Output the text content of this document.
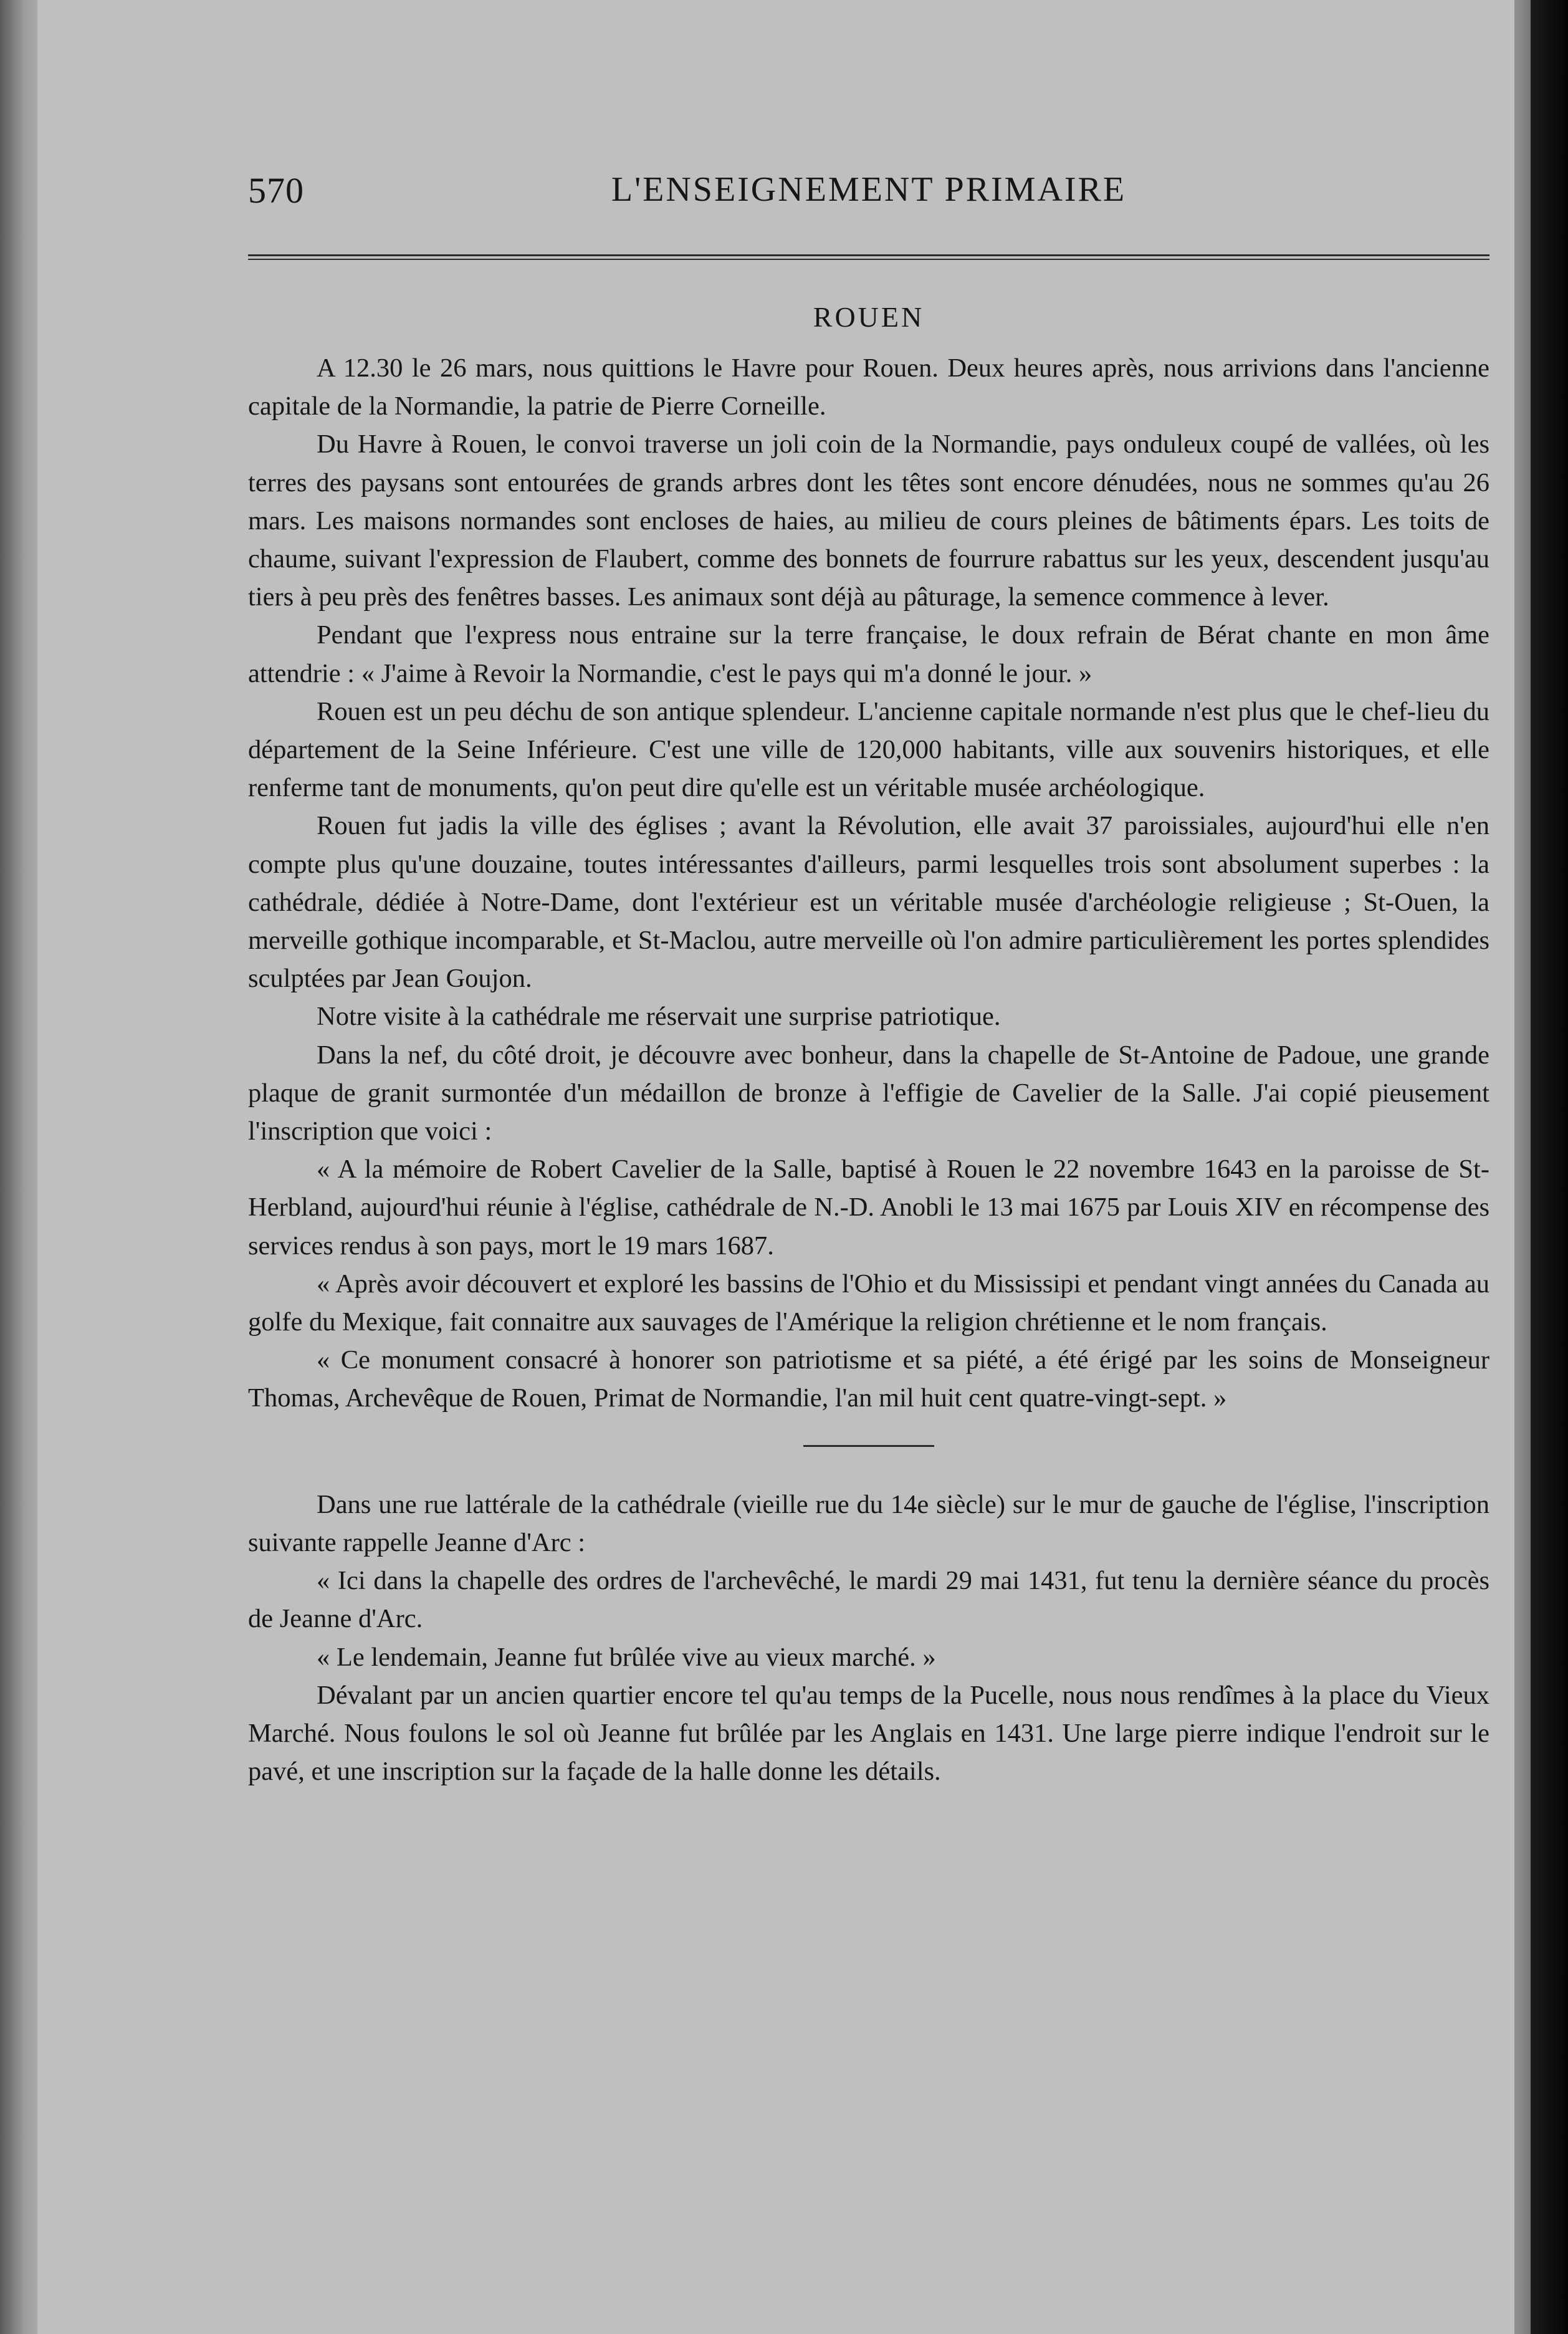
570	L'ENSEIGNEMENT PRIMAIRE
ROUEN

A 12.30 le 26 mars, nous quittions le Havre pour Rouen. Deux heures après, nous arrivions dans l'ancienne capitale de la Normandie, la patrie de Pierre Corneille.

Du Havre à Rouen, le convoi traverse un joli coin de la Normandie, pays onduleux coupé de vallées, où les terres des paysans sont entourées de grands arbres dont les têtes sont encore dénudées, nous ne sommes qu'au 26 mars. Les maisons normandes sont encloses de haies, au milieu de cours pleines de bâtiments épars. Les toits de chaume, suivant l'expression de Flaubert, comme des bonnets de fourrure rabattus sur les yeux, descendent jusqu'au tiers à peu près des fenêtres basses. Les animaux sont déjà au pâturage, la semence commence à lever.

Pendant que l'express nous entraine sur la terre française, le doux refrain de Bérat chante en mon âme attendrie : « J'aime à Revoir la Normandie, c'est le pays qui m'a donné le jour. »

Rouen est un peu déchu de son antique splendeur. L'ancienne capitale normande n'est plus que le chef-lieu du département de la Seine Inférieure. C'est une ville de 120,000 habitants, ville aux souvenirs historiques, et elle renferme tant de monuments, qu'on peut dire qu'elle est un véritable musée archéologique.

Rouen fut jadis la ville des églises ; avant la Révolution, elle avait 37 paroissiales, aujourd'hui elle n'en compte plus qu'une douzaine, toutes intéressantes d'ailleurs, parmi lesquelles trois sont absolument superbes : la cathédrale, dédiée à Notre-Dame, dont l'extérieur est un véritable musée d'archéologie religieuse ; St-Ouen, la merveille gothique incomparable, et St-Maclou, autre merveille où l'on admire particulièrement les portes splendides sculptées par Jean Goujon.

Notre visite à la cathédrale me réservait une surprise patriotique.

Dans la nef, du côté droit, je découvre avec bonheur, dans la chapelle de St-Antoine de Padoue, une grande plaque de granit surmontée d'un médaillon de bronze à l'effigie de Cavelier de la Salle. J'ai copié pieusement l'inscription que voici :

« A la mémoire de Robert Cavelier de la Salle, baptisé à Rouen le 22 novembre 1643 en la paroisse de St-Herbland, aujourd'hui réunie à l'église, cathédrale de N.-D. Anobli le 13 mai 1675 par Louis XIV en récompense des services rendus à son pays, mort le 19 mars 1687.

« Après avoir découvert et exploré les bassins de l'Ohio et du Mississipi et pendant vingt années du Canada au golfe du Mexique, fait connaitre aux sauvages de l'Amérique la religion chrétienne et le nom français.

« Ce monument consacré à honorer son patriotisme et sa piété, a été érigé par les soins de Monseigneur Thomas, Archevêque de Rouen, Primat de Normandie, l'an mil huit cent quatre-vingt-sept. »

Dans une rue lattérale de la cathédrale (vieille rue du 14e siècle) sur le mur de gauche de l'église, l'inscription suivante rappelle Jeanne d'Arc :

« Ici dans la chapelle des ordres de l'archevêché, le mardi 29 mai 1431, fut tenu la dernière séance du procès de Jeanne d'Arc.

« Le lendemain, Jeanne fut brûlée vive au vieux marché. »

Dévalant par un ancien quartier encore tel qu'au temps de la Pucelle, nous nous rendîmes à la place du Vieux Marché. Nous foulons le sol où Jeanne fut brûlée par les Anglais en 1431. Une large pierre indique l'endroit sur le pavé, et une inscription sur la façade de la halle donne les détails.
